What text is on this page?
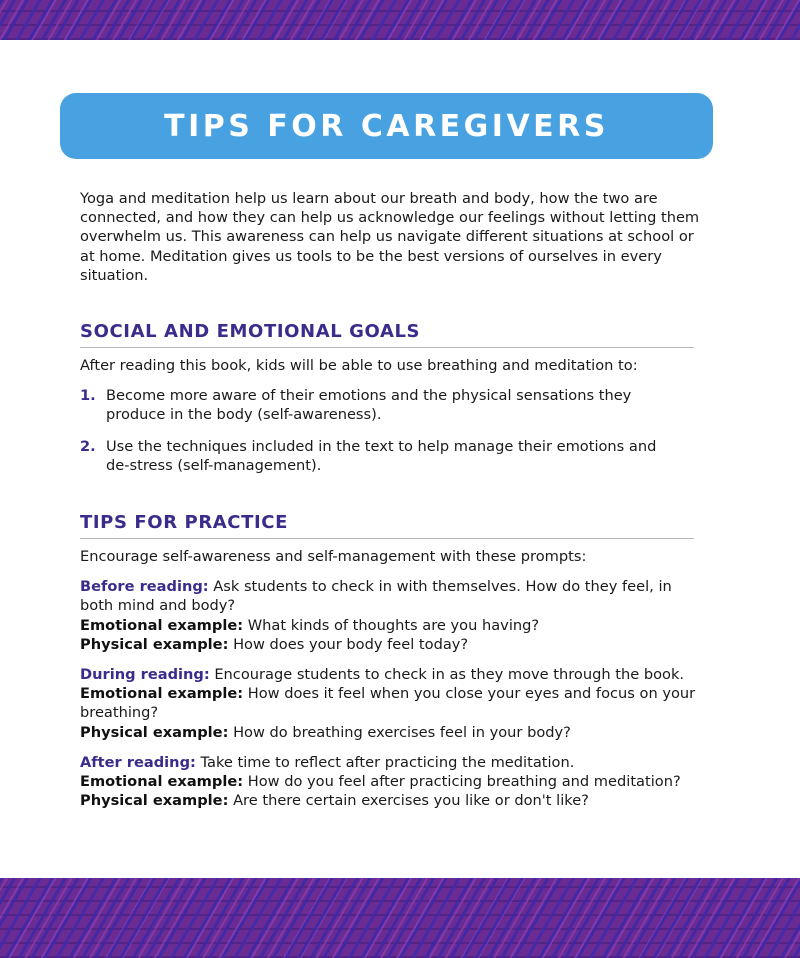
TIPS FOR CAREGIVERS

Yoga and meditation help us learn about our breath and body, how the two are connected, and how they can help us acknowledge our feelings without letting them overwhelm us. This awareness can help us navigate different situations at school or at home. Meditation gives us tools to be the best versions of ourselves in every situation.

SOCIAL AND EMOTIONAL GOALS

After reading this book, kids will be able to use breathing and meditation to:

1. Become more aware of their emotions and the physical sensations they produce in the body (self-awareness).
2. Use the techniques included in the text to help manage their emotions and de-stress (self-management).
TIPS FOR PRACTICE

Encourage self-awareness and self-management with these prompts:

Before reading: Ask students to check in with themselves. How do they feel, in both mind and body?

Emotional example: What kinds of thoughts are you having?

Physical example: How does your body feel today?

During reading: Encourage students to check in as they move through the book.

Emotional example: How does it feel when you close your eyes and focus on your breathing?

Physical example: How do breathing exercises feel in your body?

After reading: Take time to reflect after practicing the meditation.

Emotional example: How do you feel after practicing breathing and meditation?

Physical example: Are there certain exercises you like or don't like?
